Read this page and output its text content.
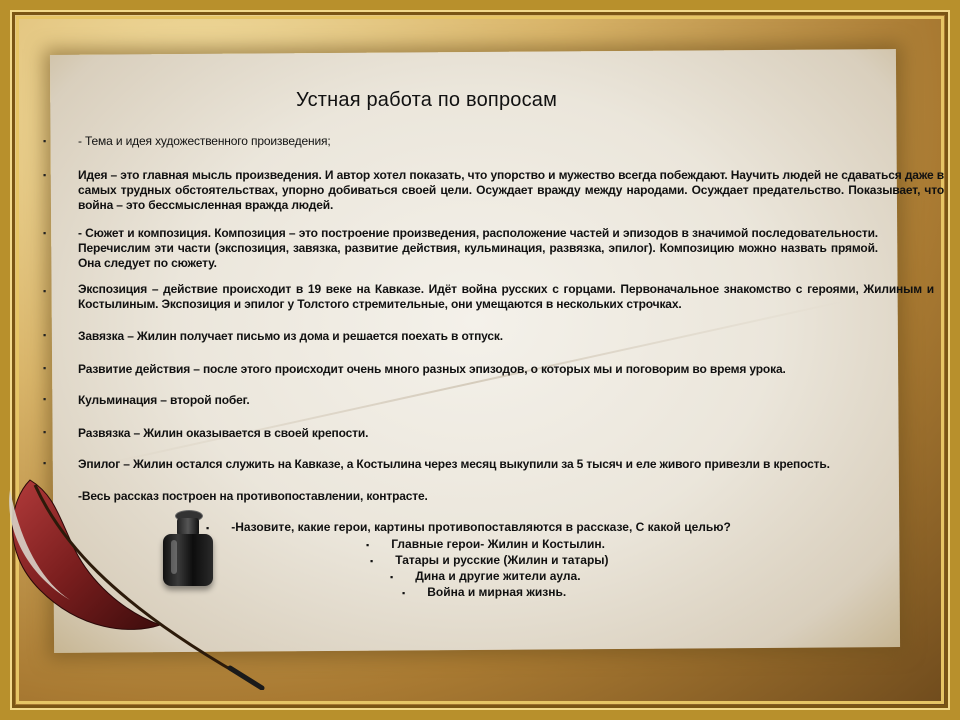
Устная работа по вопросам
▪	- Тема и идея художественного произведения;
▪	Идея – это главная мысль произведения. И автор хотел показать, что упорство и мужество всегда побеждают. Научить людей не сдаваться даже в самых трудных обстоятельствах, упорно добиваться своей цели. Осуждает вражду между народами. Осуждает предательство. Показывает, что война – это бессмысленная вражда людей.
▪	- Сюжет и композиция. Композиция – это построение произведения, расположение частей и эпизодов в значимой последовательности. Перечислим эти части (экспозиция, завязка, развитие действия, кульминация, развязка, эпилог). Композицию можно назвать прямой. Она следует по сюжету.
▪	Экспозиция – действие происходит в 19 веке на Кавказе. Идёт война русских с горцами. Первоначальное знакомство с героями, Жилиным и Костылиным. Экспозиция и эпилог у Толстого стремительные, они умещаются в нескольких строчках.
▪	Завязка – Жилин получает письмо из дома и решается поехать в отпуск.
▪	Развитие действия – после этого происходит очень много разных эпизодов, о которых мы и поговорим во время урока.
▪	Кульминация – второй побег.
▪	Развязка – Жилин оказывается в своей крепости.
▪	Эпилог – Жилин остался служить на Кавказе, а Костылина через месяц выкупили за 5 тысяч и еле живого привезли в крепость.
-Весь рассказ построен на противопоставлении, контрасте.
▪ -Назовите, какие герои, картины противопоставляются в рассказе, С какой целью?
▪ Главные герои- Жилин и Костылин.
▪ Татары и русские (Жилин и татары)
▪ Дина и другие жители аула.
▪ Война и мирная жизнь.
